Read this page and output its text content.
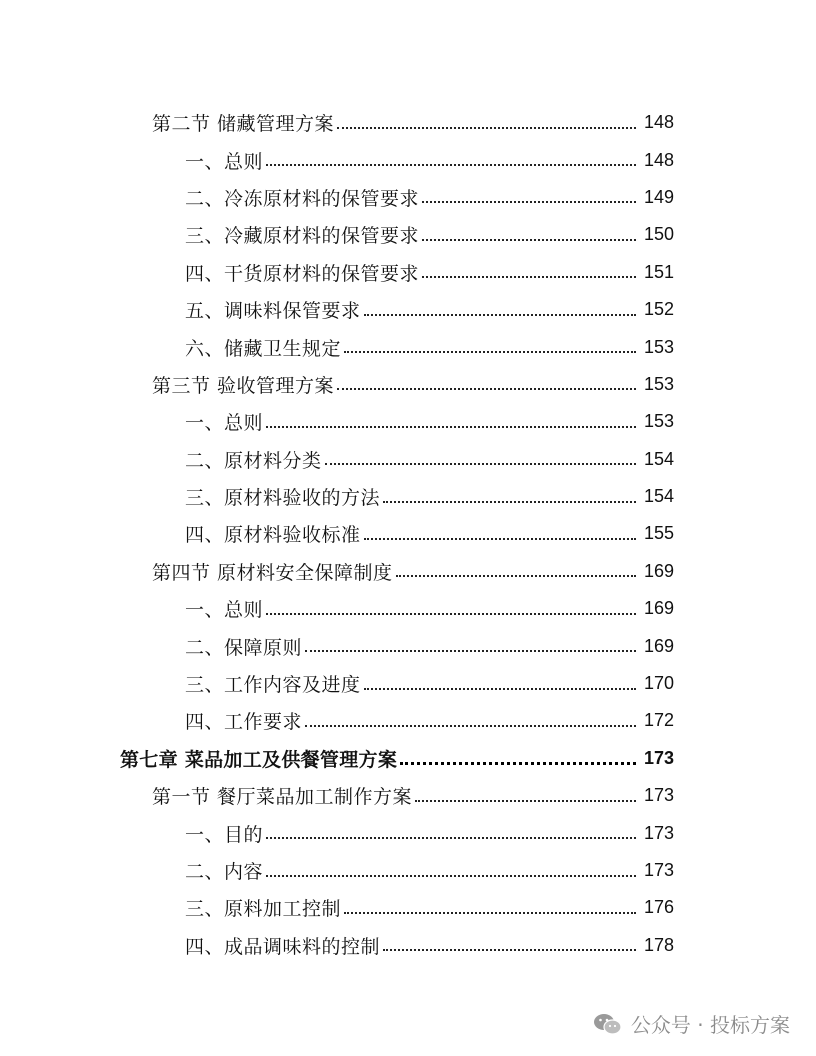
第二节 储藏管理方案	148
一、总则	148
二、冷冻原材料的保管要求	149
三、冷藏原材料的保管要求	150
四、干货原材料的保管要求	151
五、调味料保管要求	152
六、储藏卫生规定	153
第三节 验收管理方案	153
一、总则	153
二、原材料分类	154
三、原材料验收的方法	154
四、原材料验收标准	155
第四节 原材料安全保障制度	169
一、总则	169
二、保障原则	169
三、工作内容及进度	170
四、工作要求	172
第七章 菜品加工及供餐管理方案	173
第一节 餐厅菜品加工制作方案	173
一、目的	173
二、内容	173
三、原料加工控制	176
四、成品调味料的控制	178
公众号 · 投标方案
